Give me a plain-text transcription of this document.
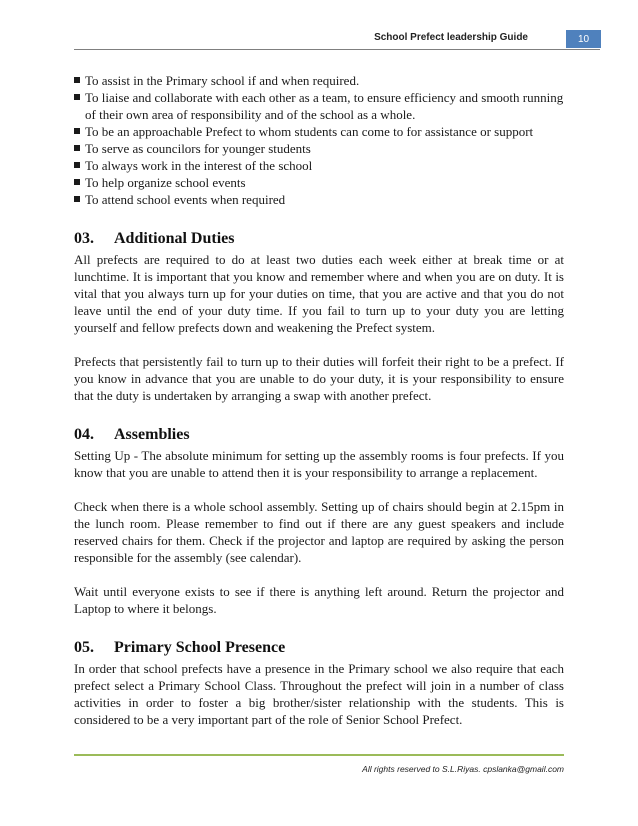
School Prefect leadership Guide	10
To assist in the Primary school if and when required.
To liaise and collaborate with each other as a team, to ensure efficiency and smooth running of their own area of responsibility and of the school as a whole.
To be an approachable Prefect to whom students can come to for assistance or support
To serve as councilors for younger students
To always work in the interest of the school
To help organize school events
To attend school events when required
03. Additional Duties

All prefects are required to do at least two duties each week either at break time or at lunchtime. It is important that you know and remember where and when you are on duty. It is vital that you always turn up for your duties on time, that you are active and that you do not leave until the end of your duty time. If you fail to turn up to your duty you are letting yourself and fellow prefects down and weakening the Prefect system.

Prefects that persistently fail to turn up to their duties will forfeit their right to be a prefect. If you know in advance that you are unable to do your duty, it is your responsibility to ensure that the duty is undertaken by arranging a swap with another prefect.

04. Assemblies

Setting Up - The absolute minimum for setting up the assembly rooms is four prefects. If you know that you are unable to attend then it is your responsibility to arrange a replacement.

Check when there is a whole school assembly. Setting up of chairs should begin at 2.15pm in the lunch room. Please remember to find out if there are any guest speakers and include reserved chairs for them. Check if the projector and laptop are required by asking the person responsible for the assembly (see calendar).

Wait until everyone exists to see if there is anything left around. Return the projector and Laptop to where it belongs.

05. Primary School Presence

In order that school prefects have a presence in the Primary school we also require that each prefect select a Primary School Class. Throughout the prefect will join in a number of class activities in order to foster a big brother/sister relationship with the students. This is considered to be a very important part of the role of Senior School Prefect.

All rights reserved to S.L.Riyas. cpslanka@gmail.com
